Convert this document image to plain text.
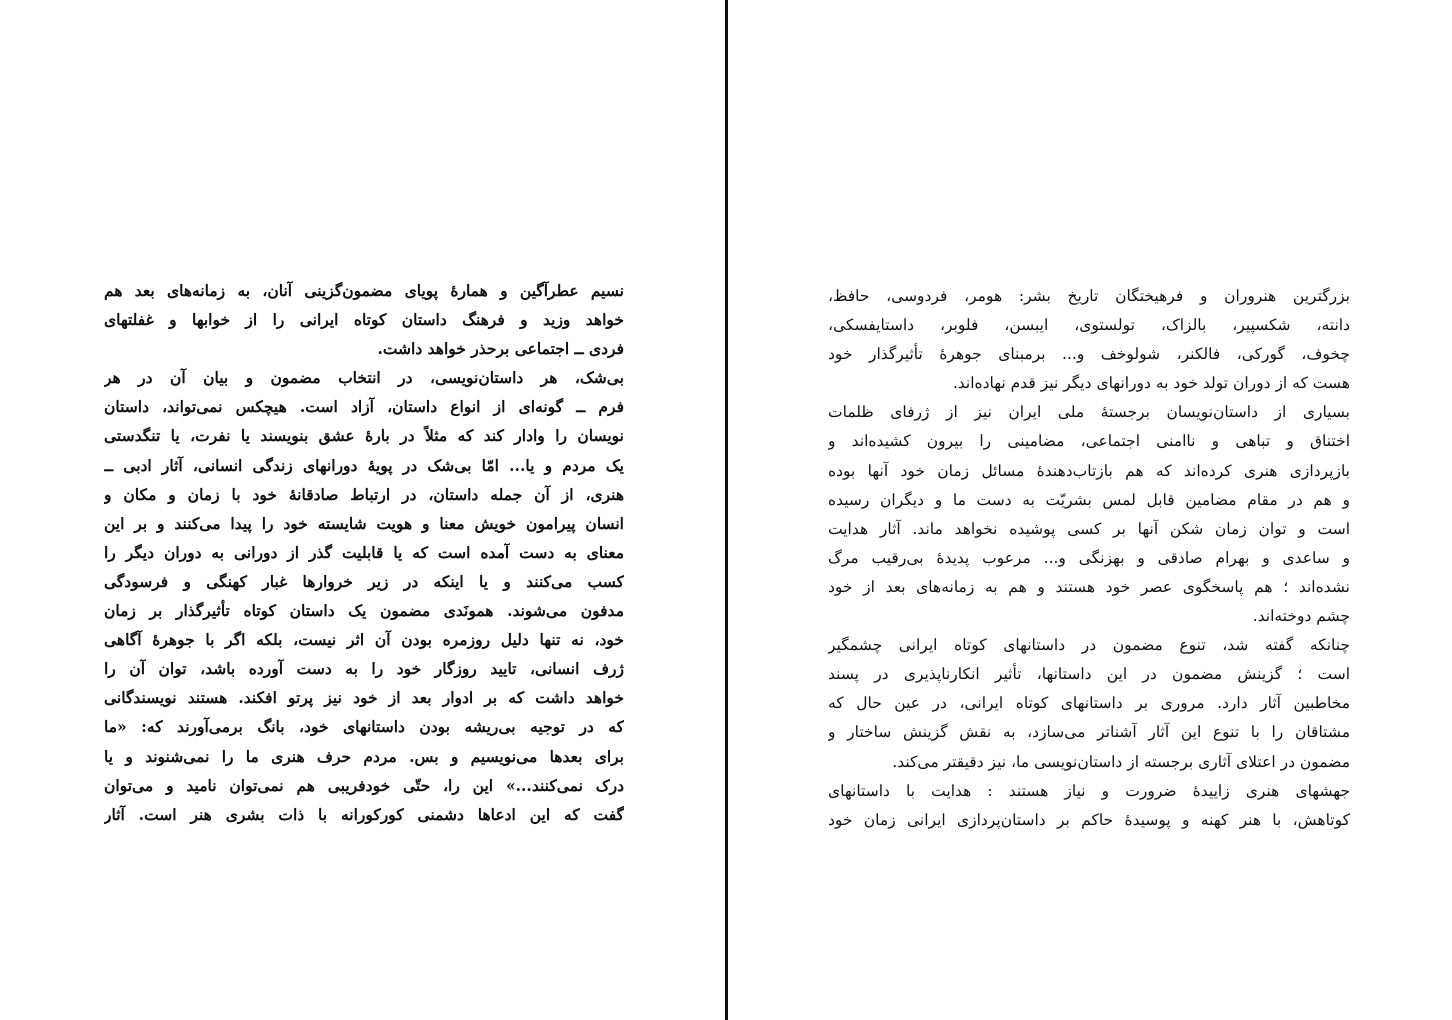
نسیم عطرآگین و همارهٔ پویای مضمون‌گزینی آنان، به زمانه‌های بعد هم
خواهد وزید و فرهنگ داستان کوتاه ایرانی را از خوابها و غفلتهای
فردی ــ اجتماعی برحذر خواهد داشت.
بی‌شک، هر داستان‌نویسی، در انتخاب مضمون و بیان آن در هر
فرم ــ گونه‌ای از انواع داستان، آزاد است. هیچکس نمی‌تواند، داستان
نویسان را وادار کند که مثلاً در بارهٔ عشق بنویسند یا نفرت، یا تنگدستی
یک مردم و یا... امّا بی‌شک در پویهٔ دورانهای زندگی انسانی، آثار ادبی ــ
هنری، از آن جمله داستان، در ارتباط صادقانهٔ خود با زمان و مکان و
انسان پیرامون خویش معنا و هویت شایسته خود را پیدا می‌کنند و بر این
معنای به دست آمده است که یا قابلیت گذر از دورانی به دوران دیگر را
کسب می‌کنند و یا اینکه در زیر خروارها غبار کهنگی و فرسودگی
مدفون می‌شوند. همونَدی مضمون یک داستان کوتاه تأثیرگذار بر زمان
خود، نه تنها دلیل روزمره بودن آن اثر نیست، بلکه اگر با جوهرهٔ آگاهی
ژرف انسانی، تایید روزگار خود را به دست آورده باشد، توان آن را
خواهد داشت که بر ادوار بعد از خود نیز پرتو افکند. هستند نویسندگانی
که در توجیه بی‌ریشه بودن داستانهای خود، بانگ برمی‌آورند که: «ما
برای بعدها می‌نویسیم و بس. مردم حرف هنری ما را نمی‌شنوند و یا
درک نمی‌کنند...» این را، حتّی خودفریبی هم نمی‌توان نامید و می‌توان
گفت که این ادعاها دشمنی کورکورانه با ذات بشری هنر است. آثار
بزرگترین هنروران و فرهیختگان تاریخ بشر: هومر، فردوسی، حافظ،
دانته، شکسپیر، بالزاک، تولستوی، ایبسن، فلوبر، داستایفسکی،
چخوف، گورکی، فالکنر، شولوخف و... برمبنای جوهرهٔ تأثیرگذار خود
هست که از دوران تولد خود به دورانهای دیگر نیز قدم نهاده‌اند.
بسیاری از داستان‌نویسان برجستهٔ ملی ایران نیز از ژرفای ظلمات
اختناق و تباهی و ناامنی اجتماعی، مضامینی را بیرون کشیده‌اند و
بازپردازی هنری کرده‌اند که هم بازتاب‌دهندهٔ مسائل زمان خود آنها بوده
و هم در مقام مضامین قابل لمس بشریّت به دست ما و دیگران رسیده
است و توان زمان شکن آنها بر کسی پوشیده نخواهد ماند. آثار هدایت
و ساعدی و بهرام صادقی و بهزنگی و... مرعوب پدیدهٔ بی‌رقیب مرگ
نشده‌اند ؛ هم پاسخگوی عصر خود هستند و هم به زمانه‌های بعد از خود
چشم دوخته‌اند.
چنانکه گفته شد، تنوع مضمون در داستانهای کوتاه ایرانی چشمگیر
است ؛ گزینش مضمون در این داستانها، تأثیر انکارناپذیری در پسند
مخاطبین آثار دارد. مروری بر داستانهای کوتاه ایرانی، در عین حال که
مشتاقان را با تنوع این آثار آشناتر می‌سازد، به نقش گزینش ساختار و
مضمون در اعتلای آثاری برجسته از داستان‌نویسی ما، نیز دقیقتر می‌کند.
جهشهای هنری زاییدهٔ ضرورت و نیاز هستند : هدایت با داستانهای
کوتاهش، با هنر کهنه و پوسیدهٔ حاکم بر داستان‌پردازی ایرانی زمان خود
